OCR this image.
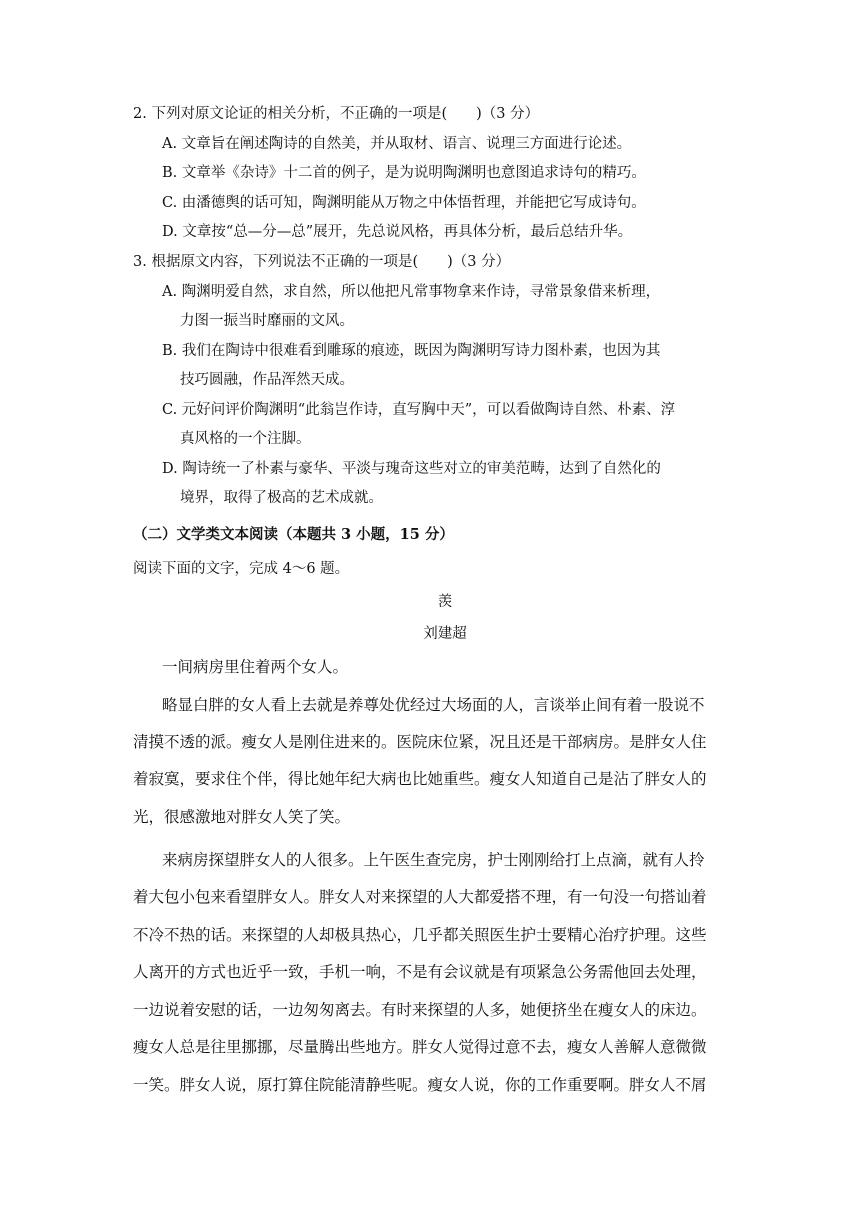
2. 下列对原文论证的相关分析，不正确的一项是(　　)（3 分）
A. 文章旨在阐述陶诗的自然美，并从取材、语言、说理三方面进行论述。
B. 文章举《杂诗》十二首的例子，是为说明陶渊明也意图追求诗句的精巧。
C. 由潘德舆的话可知，陶渊明能从万物之中体悟哲理，并能把它写成诗句。
D. 文章按“总—分—总”展开，先总说风格，再具体分析，最后总结升华。
3. 根据原文内容，下列说法不正确的一项是(　　)（3 分）
A. 陶渊明爱自然，求自然，所以他把凡常事物拿来作诗，寻常景象借来析理，
力图一振当时靡丽的文风。
B. 我们在陶诗中很难看到雕琢的痕迹，既因为陶渊明写诗力图朴素，也因为其
技巧圆融，作品浑然天成。
C. 元好问评价陶渊明“此翁岂作诗，直写胸中天”，可以看做陶诗自然、朴素、淳
真风格的一个注脚。
D. 陶诗统一了朴素与豪华、平淡与瑰奇这些对立的审美范畴，达到了自然化的
境界，取得了极高的艺术成就。
（二）文学类文本阅读（本题共 3 小题，15 分）
阅读下面的文字，完成 4～6 题。
羡
刘建超
一间病房里住着两个女人。
略显白胖的女人看上去就是养尊处优经过大场面的人，言谈举止间有着一股说不
清摸不透的派。瘦女人是刚住进来的。医院床位紧，况且还是干部病房。是胖女人住
着寂寞，要求住个伴，得比她年纪大病也比她重些。瘦女人知道自己是沾了胖女人的
光，很感激地对胖女人笑了笑。
来病房探望胖女人的人很多。上午医生查完房，护士刚刚给打上点滴，就有人拎
着大包小包来看望胖女人。胖女人对来探望的人大都爱搭不理，有一句没一句搭讪着
不冷不热的话。来探望的人却极具热心，几乎都关照医生护士要精心治疗护理。这些
人离开的方式也近乎一致，手机一响，不是有会议就是有项紧急公务需他回去处理，
一边说着安慰的话，一边匆匆离去。有时来探望的人多，她便挤坐在瘦女人的床边。
瘦女人总是往里挪挪，尽量腾出些地方。胖女人觉得过意不去，瘦女人善解人意微微
一笑。胖女人说，原打算住院能清静些呢。瘦女人说，你的工作重要啊。胖女人不屑
